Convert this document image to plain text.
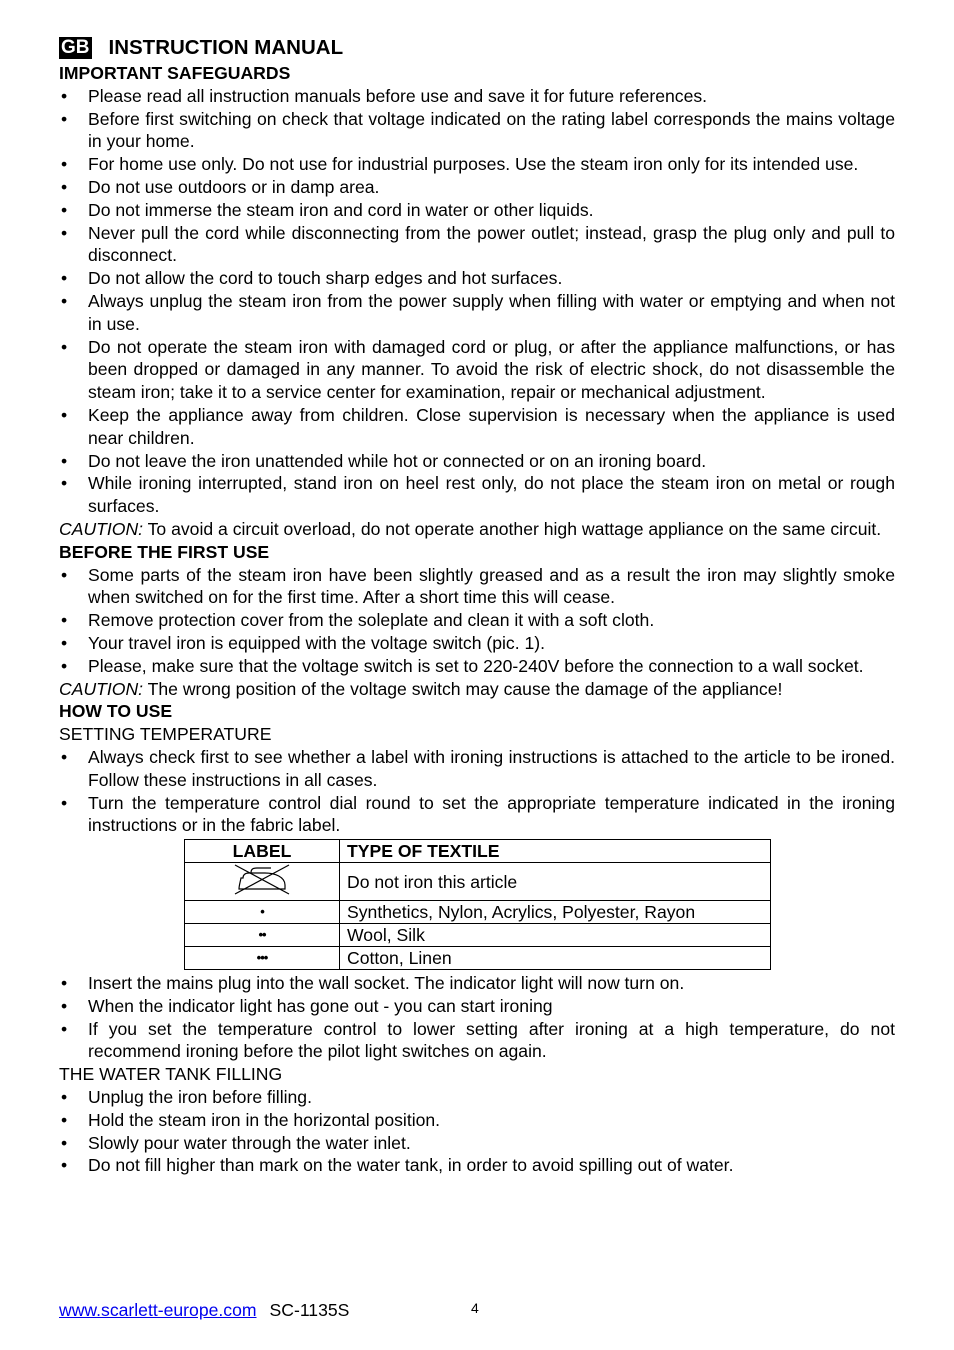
GB INSTRUCTION MANUAL
IMPORTANT SAFEGUARDS
• Please read all instruction manuals before use and save it for future references.
• Before first switching on check that voltage indicated on the rating label corresponds the mains voltage in your home.
• For home use only. Do not use for industrial purposes. Use the steam iron only for its intended use.
• Do not use outdoors or in damp area.
• Do not immerse the steam iron and cord in water or other liquids.
• Never pull the cord while disconnecting from the power outlet; instead, grasp the plug only and pull to disconnect.
• Do not allow the cord to touch sharp edges and hot surfaces.
• Always unplug the steam iron from the power supply when filling with water or emptying and when not in use.
• Do not operate the steam iron with damaged cord or plug, or after the appliance malfunctions, or has been dropped or damaged in any manner. To avoid the risk of electric shock, do not disassemble the steam iron; take it to a service center for examination, repair or mechanical adjustment.
• Keep the appliance away from children. Close supervision is necessary when the appliance is used near children.
• Do not leave the iron unattended while hot or connected or on an ironing board.
• While ironing interrupted, stand iron on heel rest only, do not place the steam iron on metal or rough surfaces.

CAUTION: To avoid a circuit overload, do not operate another high wattage appliance on the same circuit.

BEFORE THE FIRST USE
• Some parts of the steam iron have been slightly greased and as a result the iron may slightly smoke when switched on for the first time. After a short time this will cease.
• Remove protection cover from the soleplate and clean it with a soft cloth.
• Your travel iron is equipped with the voltage switch (pic. 1).
• Please, make sure that the voltage switch is set to 220-240V before the connection to a wall socket.

CAUTION: The wrong position of the voltage switch may cause the damage of the appliance!

HOW TO USE
SETTING TEMPERATURE
• Always check first to see whether a label with ironing instructions is attached to the article to be ironed. Follow these instructions in all cases.
• Turn the temperature control dial round to set the appropriate temperature indicated in the ironing instructions or in the fabric label.
LABEL	TYPE OF TEXTILE
	Do not iron this article
•	Synthetics, Nylon, Acrylics, Polyester, Rayon
••	Wool, Silk
•••	Cotton, Linen
• Insert the mains plug into the wall socket. The indicator light will now turn on.
• When the indicator light has gone out - you can start ironing
• If you set the temperature control to lower setting after ironing at a high temperature, do not recommend ironing before the pilot light switches on again.
THE WATER TANK FILLING
• Unplug the iron before filling.
• Hold the steam iron in the horizontal position.
• Slowly pour water through the water inlet.
• Do not fill higher than mark on the water tank, in order to avoid spilling out of water.
www.scarlett-europe.com SC-1135S	4
